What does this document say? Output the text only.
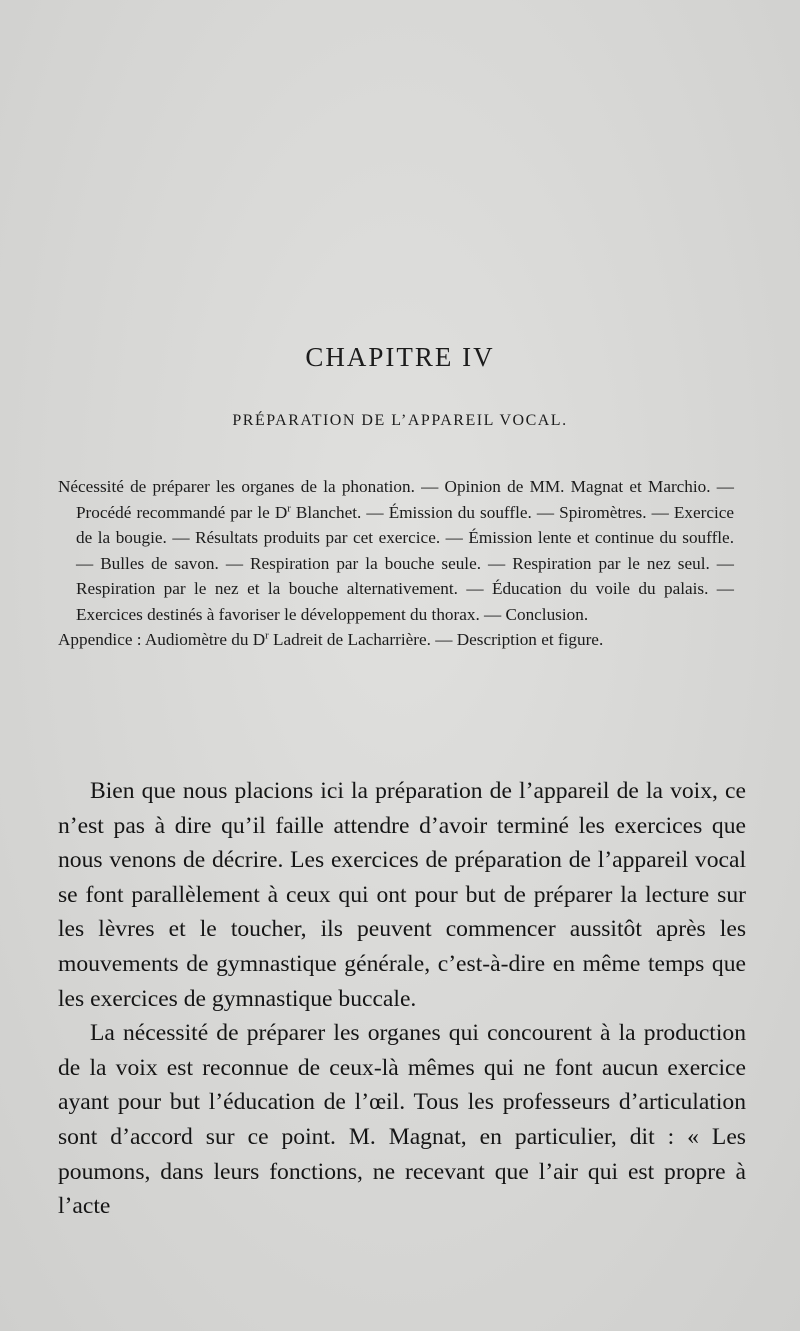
CHAPITRE IV
PRÉPARATION DE L’APPAREIL VOCAL.

Nécessité de préparer les organes de la phonation. — Opinion de MM. Magnat et Marchio. — Procédé recommandé par le $D^r$ Blanchet. — Émission du souffle. — Spiromètres. — Exercice de la bougie. — Résultats produits par cet exercice. — Émission lente et continue du souffle. — Bulles de savon. — Respiration par la bouche seule. — Respiration par le nez seul. — Respiration par le nez et la bouche alternativement. — Éducation du voile du palais. — Exercices destinés à favoriser le développement du thorax. — Conclusion.

Appendice : Audiomètre du $D^r$ Ladreit de Lacharrière. — Description et figure.

Bien que nous placions ici la préparation de l’appareil de la voix, ce n’est pas à dire qu’il faille attendre d’avoir terminé les exercices que nous venons de décrire. Les exercices de préparation de l’appareil vocal se font parallèlement à ceux qui ont pour but de préparer la lecture sur les lèvres et le toucher, ils peuvent commencer aussitôt après les mouvements de gymnastique générale, c’est-à-dire en même temps que les exercices de gymnastique buccale.

La nécessité de préparer les organes qui concourent à la production de la voix est reconnue de ceux-là mêmes qui ne font aucun exercice ayant pour but l’éducation de l’œil. Tous les professeurs d’articulation sont d’accord sur ce point. M. Magnat, en particulier, dit : « Les poumons, dans leurs fonctions, ne recevant que l’air qui est propre à l’acte
